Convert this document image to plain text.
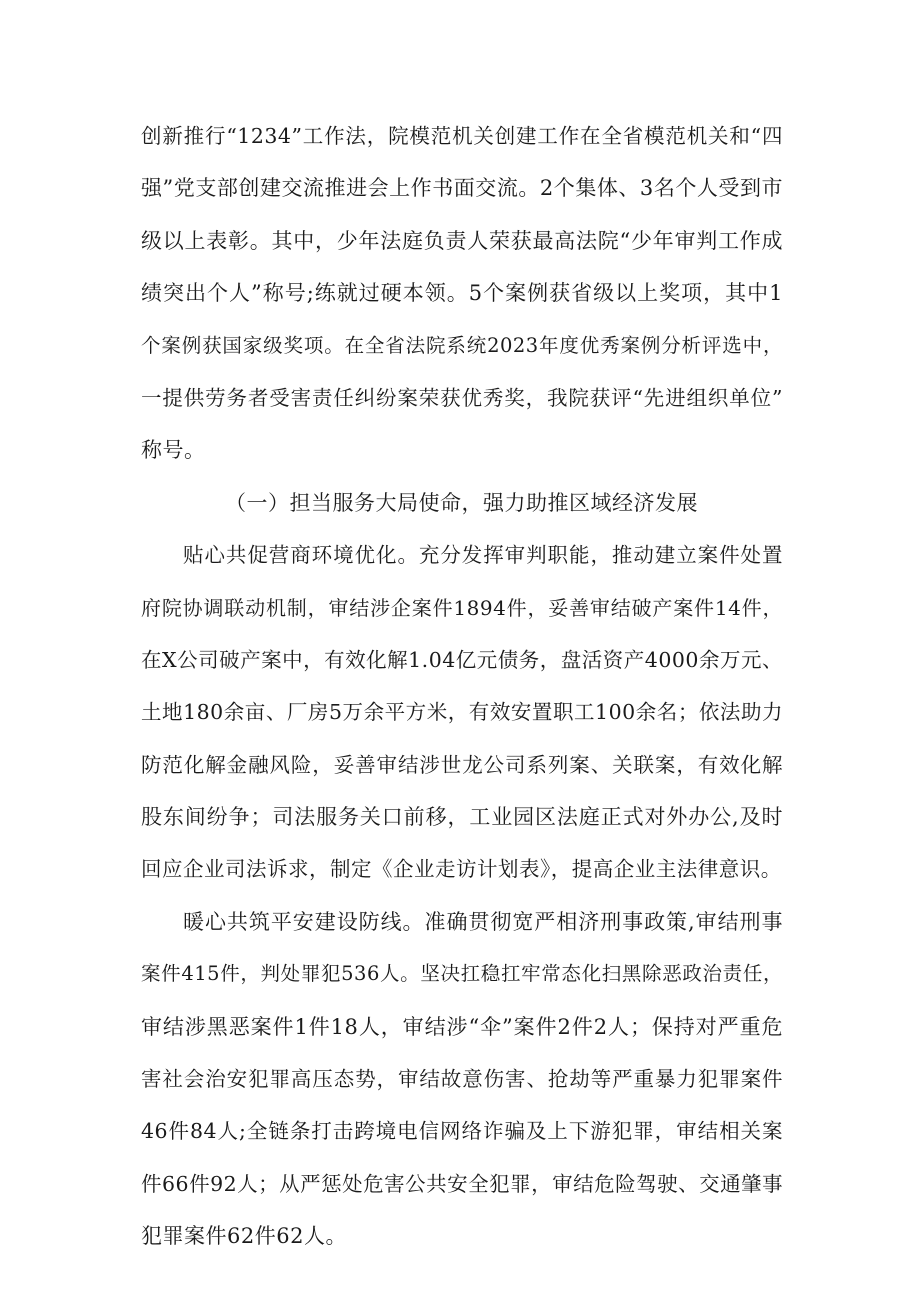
创新推行“1234”工作法，院模范机关创建工作在全省模范机关和“四
强”党支部创建交流推进会上作书面交流。2个集体、3名个人受到市
级以上表彰。其中，少年法庭负责人荣获最高法院“少年审判工作成
绩突出个人”称号;练就过硬本领。5个案例获省级以上奖项，其中1
个案例获国家级奖项。在全省法院系统2023年度优秀案例分析评选中，
一提供劳务者受害责任纠纷案荣获优秀奖，我院获评“先进组织单位”
称号。
（一）担当服务大局使命，强力助推区域经济发展
贴心共促营商环境优化。充分发挥审判职能，推动建立案件处置
府院协调联动机制，审结涉企案件1894件，妥善审结破产案件14件，
在X公司破产案中，有效化解1.04亿元债务，盘活资产4000余万元、
土地180余亩、厂房5万余平方米，有效安置职工100余名；依法助力
防范化解金融风险，妥善审结涉世龙公司系列案、关联案，有效化解
股东间纷争；司法服务关口前移，工业园区法庭正式对外办公,及时
回应企业司法诉求，制定《企业走访计划表》，提高企业主法律意识。
暖心共筑平安建设防线。准确贯彻宽严相济刑事政策,审结刑事
案件415件，判处罪犯536人。坚决扛稳扛牢常态化扫黑除恶政治责任，
审结涉黑恶案件1件18人，审结涉“伞”案件2件2人；保持对严重危
害社会治安犯罪高压态势，审结故意伤害、抢劫等严重暴力犯罪案件
46件84人;全链条打击跨境电信网络诈骗及上下游犯罪，审结相关案
件66件92人；从严惩处危害公共安全犯罪，审结危险驾驶、交通肇事
犯罪案件62件62人。
